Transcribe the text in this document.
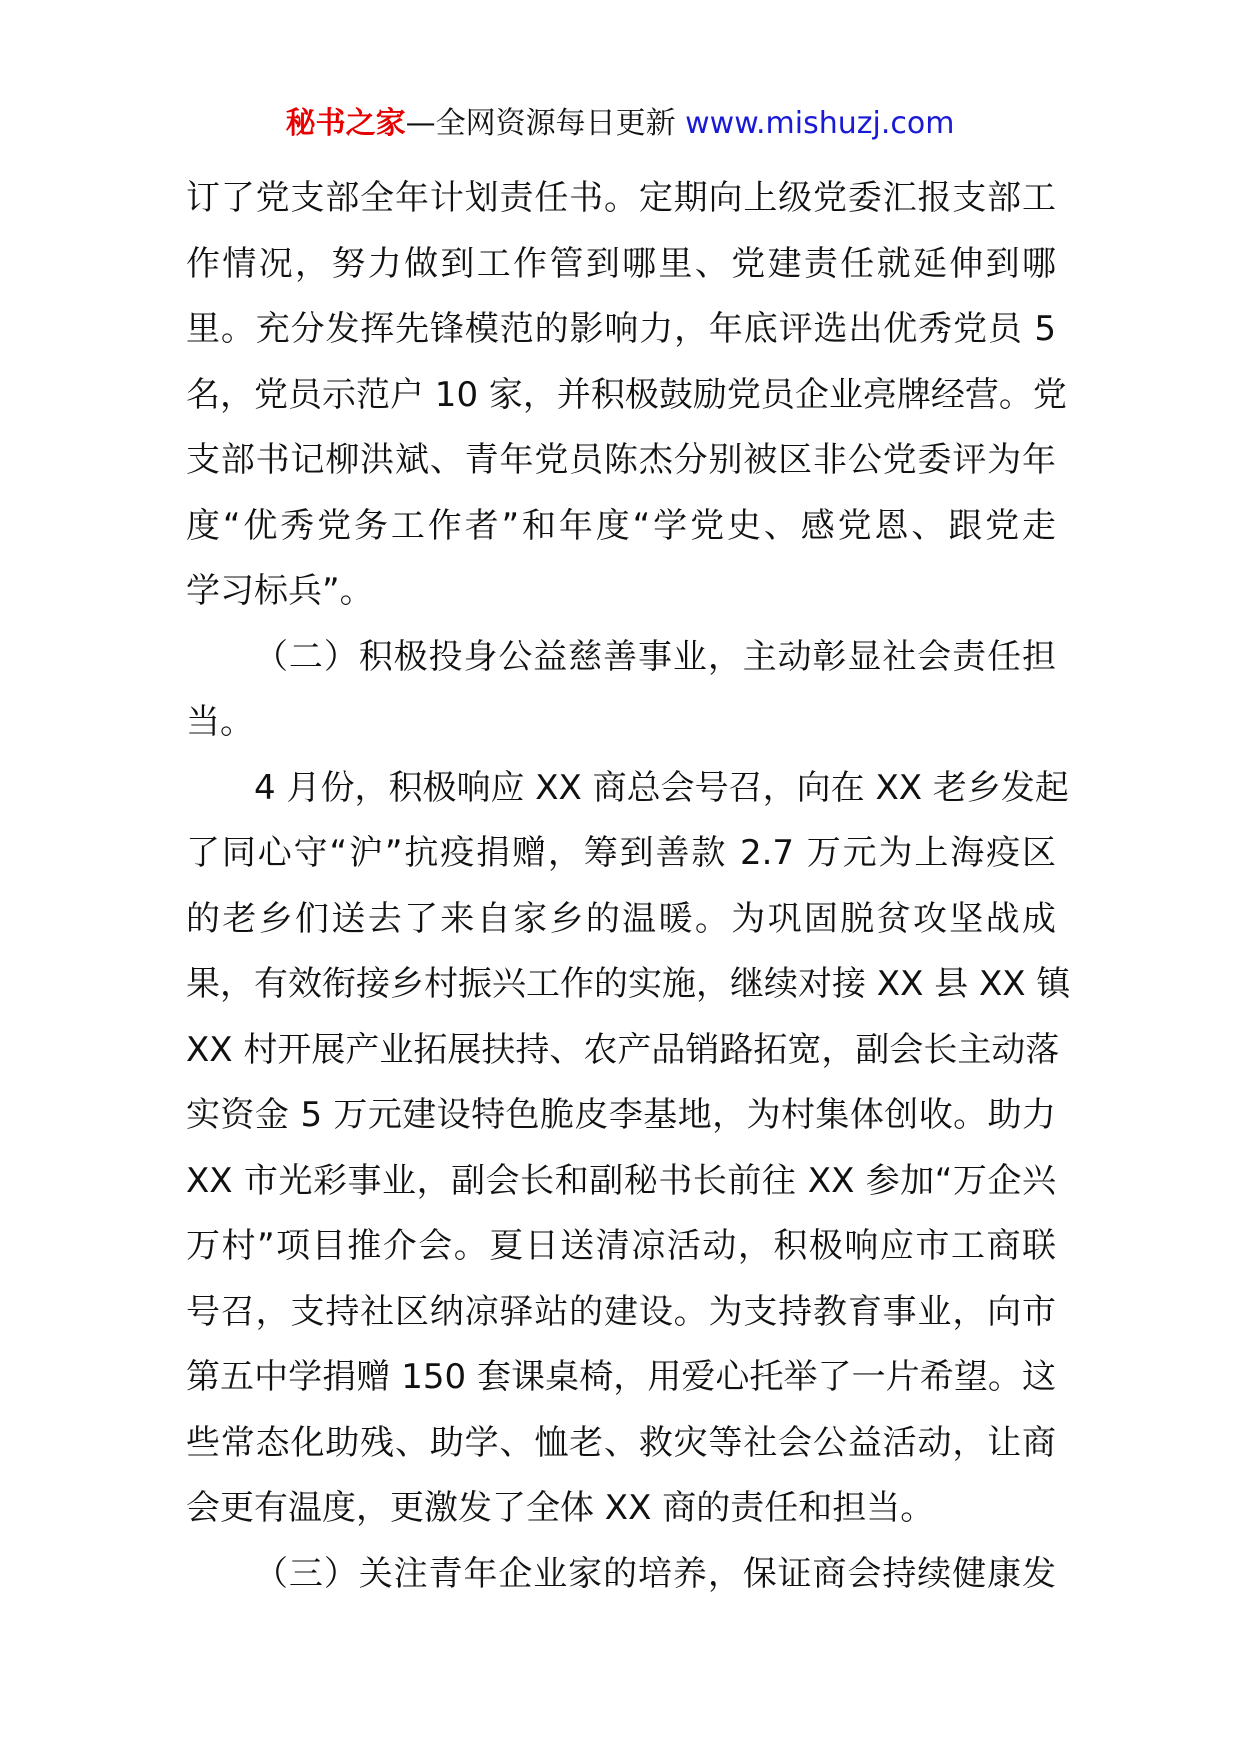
秘书之家—全网资源每日更新 www.mishuzj.com
订了党支部全年计划责任书。定期向上级党委汇报支部工
作情况，努力做到工作管到哪里、党建责任就延伸到哪
里。充分发挥先锋模范的影响力，年底评选出优秀党员 5
名，党员示范户 10 家，并积极鼓励党员企业亮牌经营。党
支部书记柳洪斌、青年党员陈杰分别被区非公党委评为年
度“优秀党务工作者”和年度“学党史、感党恩、跟党走
学习标兵”。
（二）积极投身公益慈善事业，主动彰显社会责任担
当。
4 月份，积极响应 XX 商总会号召，向在 XX 老乡发起
了同心守“沪”抗疫捐赠，筹到善款 2.7 万元为上海疫区
的老乡们送去了来自家乡的温暖。为巩固脱贫攻坚战成
果，有效衔接乡村振兴工作的实施，继续对接 XX 县 XX 镇
XX 村开展产业拓展扶持、农产品销路拓宽，副会长主动落
实资金 5 万元建设特色脆皮李基地，为村集体创收。助力
XX 市光彩事业，副会长和副秘书长前往 XX 参加“万企兴
万村”项目推介会。夏日送清凉活动，积极响应市工商联
号召，支持社区纳凉驿站的建设。为支持教育事业，向市
第五中学捐赠 150 套课桌椅，用爱心托举了一片希望。这
些常态化助残、助学、恤老、救灾等社会公益活动，让商
会更有温度，更激发了全体 XX 商的责任和担当。
（三）关注青年企业家的培养，保证商会持续健康发
